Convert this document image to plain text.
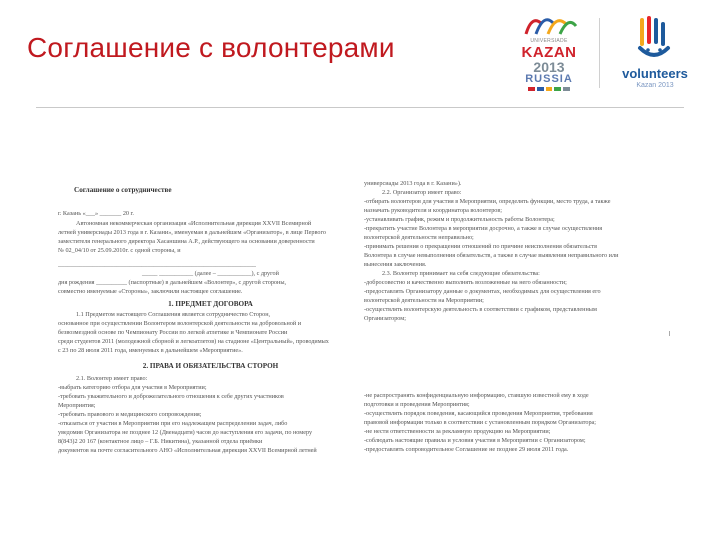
Соглашение с волонтерами	UNIVERSIADE
KAZAN
2013
RUSSIA	volunteers
Kazan 2013
Соглашение о сотрудничестве
г. Казань «___» _______ 20 г.
Автономная некоммерческая организация «Исполнительная дирекция XXVII Всемирной
летней универсиады 2013 года в г. Казани», именуемая в дальнейшем «Организатор», в лице Первого
заместителя генерального директора Хасаншина А.Р., действующего на основании доверенности
№ 02_04/10 от 25.09.2010г. с одной стороны, и
________________________________________________________________
_____ ___________ (далее – ___________), с другой
дня рождения __________ (паспортные) в дальнейшем «Волонтер», с другой стороны,
совместно именуемые «Стороны», заключили настоящее соглашение.
1. ПРЕДМЕТ ДОГОВОРА
1.1 Предметом настоящего Соглашения является сотрудничество Сторон,
основанное при осуществлении Волонтером волонтерской деятельности на добровольной и
безвозмездной основе по Чемпионату России по легкой атлетике и Чемпионате России
среди студентов 2011 (молодежной сборной и легкоатлетов) на стадионе «Центральный», проводимых
с 23 по 28 июля 2011 года, именуемых в дальнейшем «Мероприятие».
2. ПРАВА И ОБЯЗАТЕЛЬСТВА СТОРОН
2.1. Волонтер имеет право:
-выбрать категорию отбора для участия в Мероприятии;
-требовать уважительного и доброжелательного отношения к себе других участников
Мероприятия;
-требовать правового и медицинского сопровождения;
-отказаться от участия в Мероприятии при его надлежащем распределении задач, либо
уведомив Организатора не позднее 12 (Двенадцати) часов до наступления его задачи, по номеру
8(843)2 20 167 (контактное лицо – Г.Б. Никитина), указанной отдела приёмки
документов на почте согласительного АНО «Исполнительная дирекция XXVII Всемирной летней
универсиады 2013 года в г. Казани»).
2.2. Организатор имеет право:
-отбирать волонтеров для участия в Мероприятии, определять функции, место труда, а также
назначать руководителя и координатора волонтеров;
-устанавливать график, режим и продолжительность работы Волонтера;
-прекратить участие Волонтера в мероприятии досрочно, а также в случае осуществления
волонтерской деятельности неправильно;
-принимать решения о прекращении отношений по причине неисполнения обязательств
Волонтера в случае невыполнения обязательств, а также в случае выявления неправильного или
вынесения заключения.
2.3. Волонтер принимает на себя следующие обязательства:
-добросовестно и качественно выполнять возложенные на него обязанности;
-предоставлять Организатору данные о документах, необходимых для осуществления его
волонтерской деятельности на Мероприятии;
-осуществлять волонтерскую деятельность в соответствии с графиком, представленным
Организатором;
-не распространять конфиденциальную информацию, ставшую известной ему в ходе
подготовки и проведения Мероприятия;
-осуществлять порядок поведения, касающийся проведения Мероприятия, требования
правовой информации только в соответствии с установленным порядком Организатора;
-не нести ответственности за рекламную продукцию на Мероприятии;
-соблюдать настоящие правила и условия участия в Мероприятии с Организатором;
-предоставлять сопроводительное Соглашение не позднее 29 июля 2011 года.
